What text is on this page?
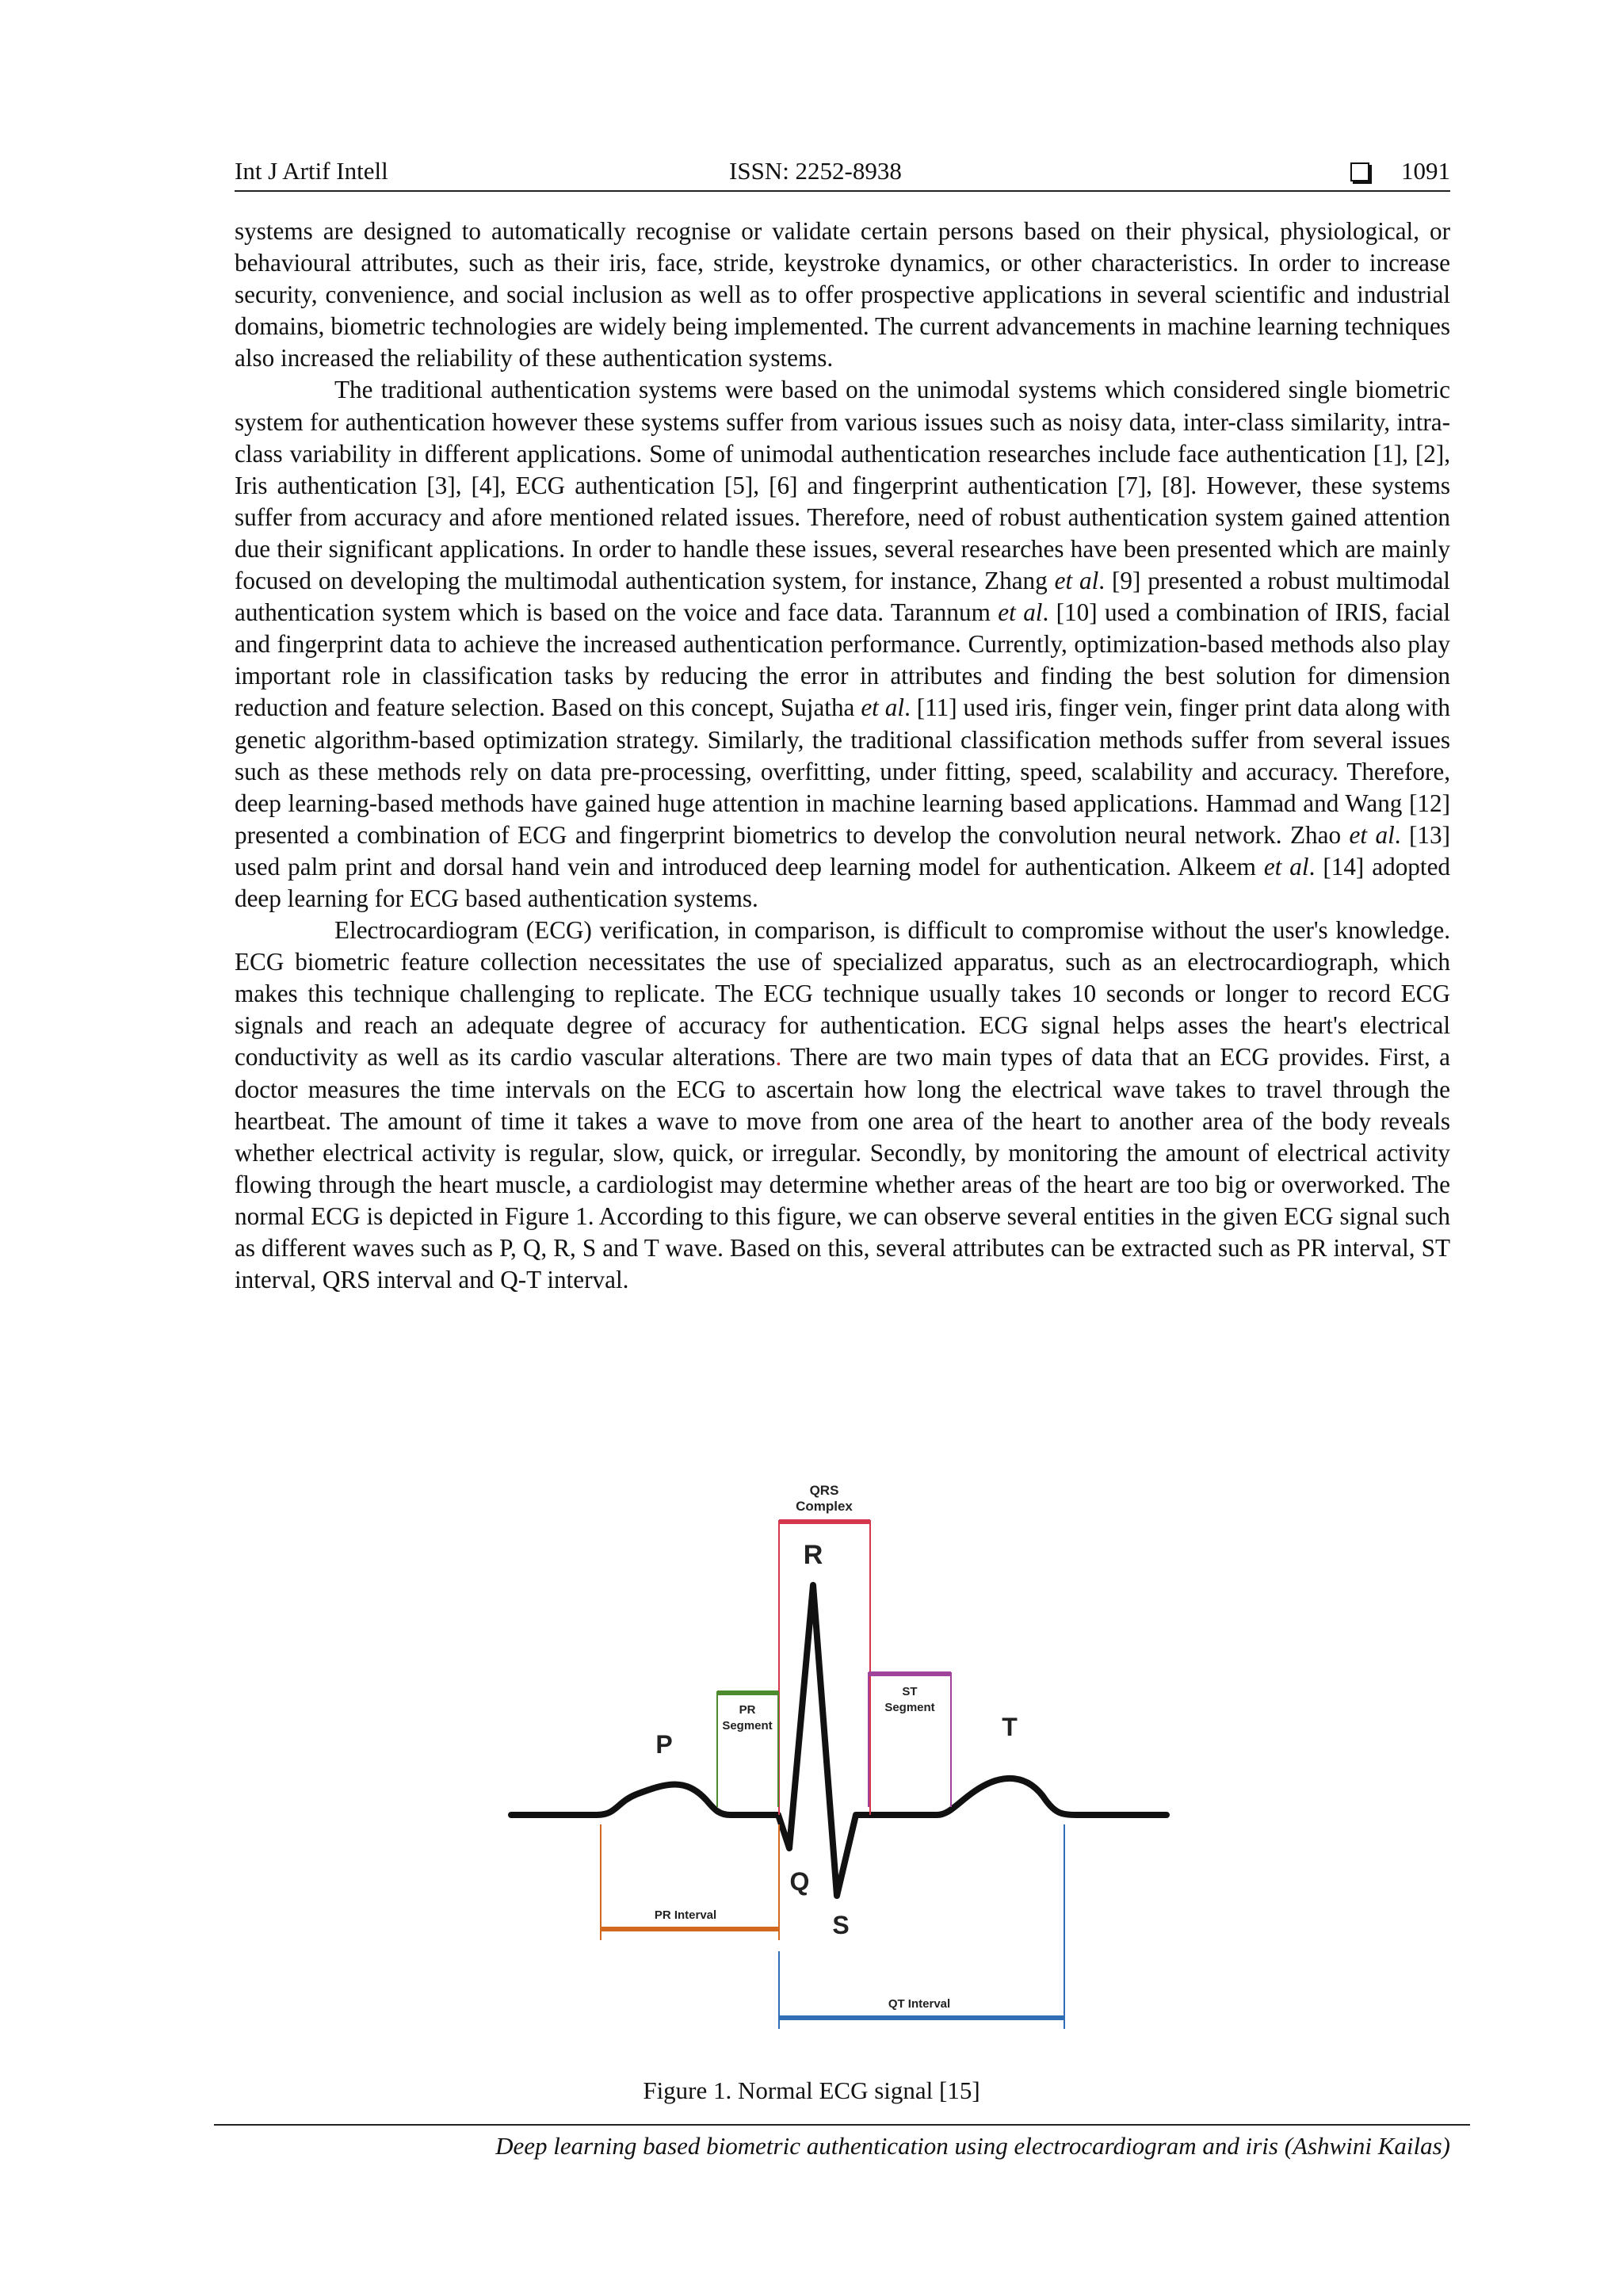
Int J Artif Intell	ISSN: 2252-8938	1091

systems are designed to automatically recognise or validate certain persons based on their physical, physiological, or behavioural attributes, such as their iris, face, stride, keystroke dynamics, or other characteristics. In order to increase security, convenience, and social inclusion as well as to offer prospective applications in several scientific and industrial domains, biometric technologies are widely being implemented. The current advancements in machine learning techniques also increased the reliability of these authentication systems.

The traditional authentication systems were based on the unimodal systems which considered single biometric system for authentication however these systems suffer from various issues such as noisy data, inter-class similarity, intra-class variability in different applications. Some of unimodal authentication researches include face authentication [1], [2], Iris authentication [3], [4], ECG authentication [5], [6] and fingerprint authentication [7], [8]. However, these systems suffer from accuracy and afore mentioned related issues. Therefore, need of robust authentication system gained attention due their significant applications. In order to handle these issues, several researches have been presented which are mainly focused on developing the multimodal authentication system, for instance, Zhang et al. [9] presented a robust multimodal authentication system which is based on the voice and face data. Tarannum et al. [10] used a combination of IRIS, facial and fingerprint data to achieve the increased authentication performance. Currently, optimization-based methods also play important role in classification tasks by reducing the error in attributes and finding the best solution for dimension reduction and feature selection. Based on this concept, Sujatha et al. [11] used iris, finger vein, finger print data along with genetic algorithm-based optimization strategy. Similarly, the traditional classification methods suffer from several issues such as these methods rely on data pre-processing, overfitting, under fitting, speed, scalability and accuracy. Therefore, deep learning-based methods have gained huge attention in machine learning based applications. Hammad and Wang [12] presented a combination of ECG and fingerprint biometrics to develop the convolution neural network. Zhao et al. [13] used palm print and dorsal hand vein and introduced deep learning model for authentication. Alkeem et al. [14] adopted deep learning for ECG based authentication systems.

Electrocardiogram (ECG) verification, in comparison, is difficult to compromise without the user's knowledge. ECG biometric feature collection necessitates the use of specialized apparatus, such as an electrocardiograph, which makes this technique challenging to replicate. The ECG technique usually takes 10 seconds or longer to record ECG signals and reach an adequate degree of accuracy for authentication. ECG signal helps asses the heart's electrical conductivity as well as its cardio vascular alterations. There are two main types of data that an ECG provides. First, a doctor measures the time intervals on the ECG to ascertain how long the electrical wave takes to travel through the heartbeat. The amount of time it takes a wave to move from one area of the heart to another area of the body reveals whether electrical activity is regular, slow, quick, or irregular. Secondly, by monitoring the amount of electrical activity flowing through the heart muscle, a cardiologist may determine whether areas of the heart are too big or overworked. The normal ECG is depicted in Figure 1. According to this figure, we can observe several entities in the given ECG signal such as different waves such as P, Q, R, S and T wave. Based on this, several attributes can be extracted such as PR interval, ST interval, QRS interval and Q-T interval.

QRS
Complex
R
PR
Segment
ST
Segment
P
T
Q
S
PR Interval
QT Interval
Figure 1. Normal ECG signal [15]
Deep learning based biometric authentication using electrocardiogram and iris (Ashwini Kailas)
